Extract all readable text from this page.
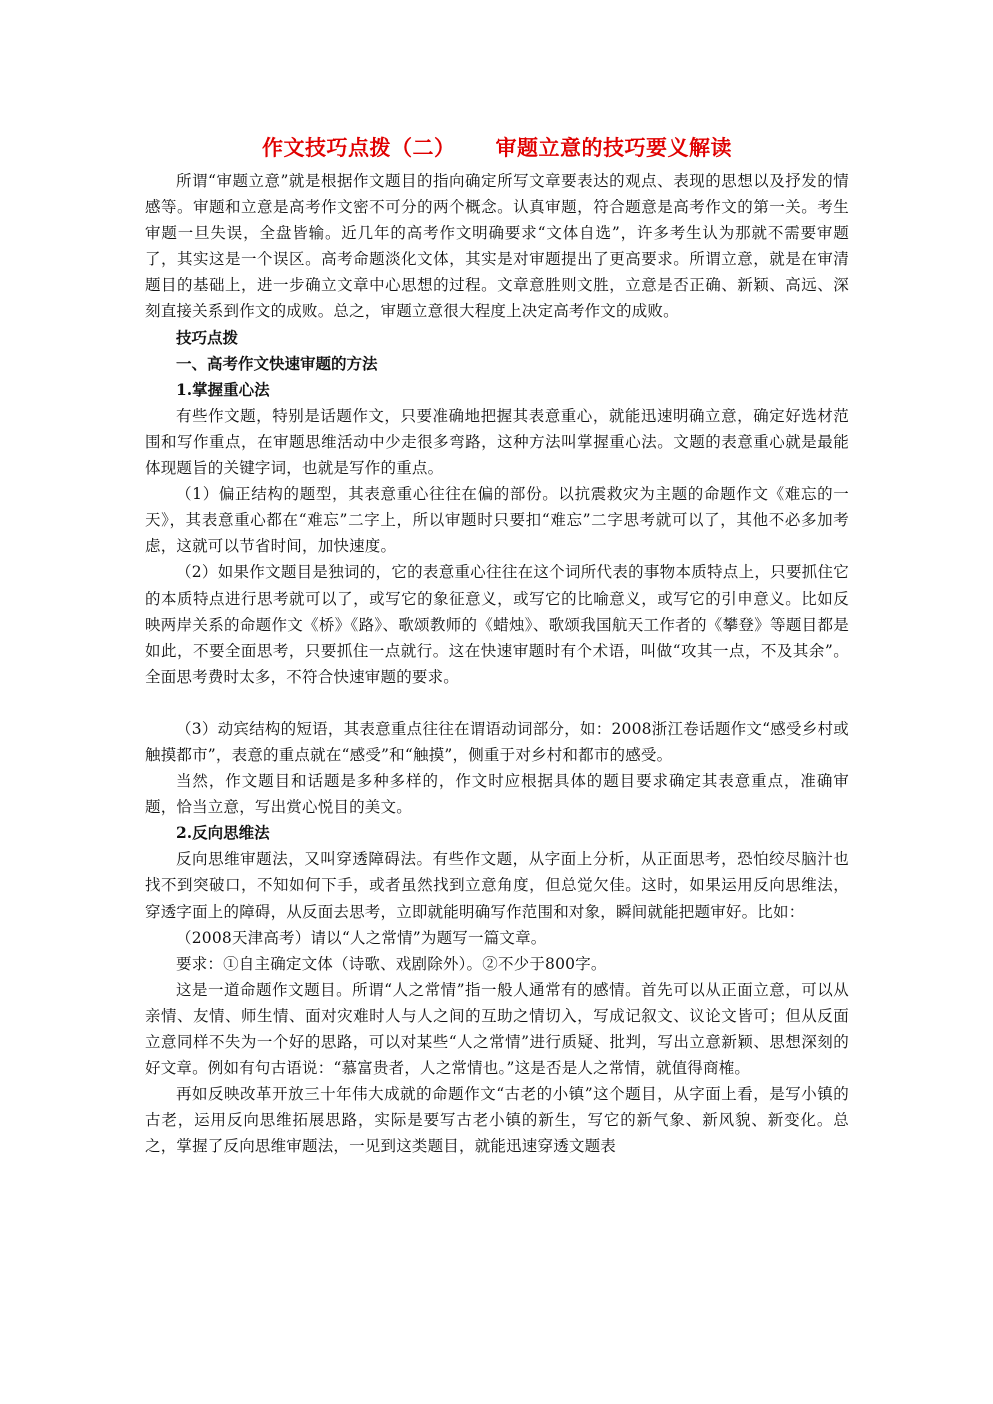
作文技巧点拨（二） 审题立意的技巧要义解读

所谓“审题立意”就是根据作文题目的指向确定所写文章要表达的观点、表现的思想以及抒发的情感等。审题和立意是高考作文密不可分的两个概念。认真审题，符合题意是高考作文的第一关。考生审题一旦失误，全盘皆输。近几年的高考作文明确要求“文体自选”，许多考生认为那就不需要审题了，其实这是一个误区。高考命题淡化文体，其实是对审题提出了更高要求。所谓立意，就是在审清题目的基础上，进一步确立文章中心思想的过程。文章意胜则文胜，立意是否正确、新颖、高远、深刻直接关系到作文的成败。总之，审题立意很大程度上决定高考作文的成败。

技巧点拨

一、高考作文快速审题的方法

1.掌握重心法

有些作文题，特别是话题作文，只要准确地把握其表意重心，就能迅速明确立意，确定好选材范围和写作重点，在审题思维活动中少走很多弯路，这种方法叫掌握重心法。文题的表意重心就是最能体现题旨的关键字词，也就是写作的重点。

（1）偏正结构的题型，其表意重心往往在偏的部份。以抗震救灾为主题的命题作文《难忘的一天》，其表意重心都在“难忘”二字上，所以审题时只要扣“难忘”二字思考就可以了，其他不必多加考虑，这就可以节省时间，加快速度。

（2）如果作文题目是独词的，它的表意重心往往在这个词所代表的事物本质特点上，只要抓住它的本质特点进行思考就可以了，或写它的象征意义，或写它的比喻意义，或写它的引申意义。比如反映两岸关系的命题作文《桥》《路》、歌颂教师的《蜡烛》、歌颂我国航天工作者的《攀登》等题目都是如此，不要全面思考，只要抓住一点就行。这在快速审题时有个术语，叫做“攻其一点，不及其余”。全面思考费时太多，不符合快速审题的要求。

（3）动宾结构的短语，其表意重点往往在谓语动词部分，如：2008浙江卷话题作文“感受乡村或触摸都市”，表意的重点就在“感受”和“触摸”，侧重于对乡村和都市的感受。

当然，作文题目和话题是多种多样的，作文时应根据具体的题目要求确定其表意重点，准确审题，恰当立意，写出赏心悦目的美文。

2.反向思维法

反向思维审题法，又叫穿透障碍法。有些作文题，从字面上分析，从正面思考，恐怕绞尽脑汁也找不到突破口，不知如何下手，或者虽然找到立意角度，但总觉欠佳。这时，如果运用反向思维法，穿透字面上的障碍，从反面去思考，立即就能明确写作范围和对象，瞬间就能把题审好。比如：

（2008天津高考）请以“人之常情”为题写一篇文章。

要求：①自主确定文体（诗歌、戏剧除外）。②不少于800字。

这是一道命题作文题目。所谓“人之常情”指一般人通常有的感情。首先可以从正面立意，可以从亲情、友情、师生情、面对灾难时人与人之间的互助之情切入，写成记叙文、议论文皆可；但从反面立意同样不失为一个好的思路，可以对某些“人之常情”进行质疑、批判，写出立意新颖、思想深刻的好文章。例如有句古语说：“慕富贵者，人之常情也。”这是否是人之常情，就值得商榷。

再如反映改革开放三十年伟大成就的命题作文“古老的小镇”这个题目，从字面上看，是写小镇的古老，运用反向思维拓展思路，实际是要写古老小镇的新生，写它的新气象、新风貌、新变化。总之，掌握了反向思维审题法，一见到这类题目，就能迅速穿透文题表
